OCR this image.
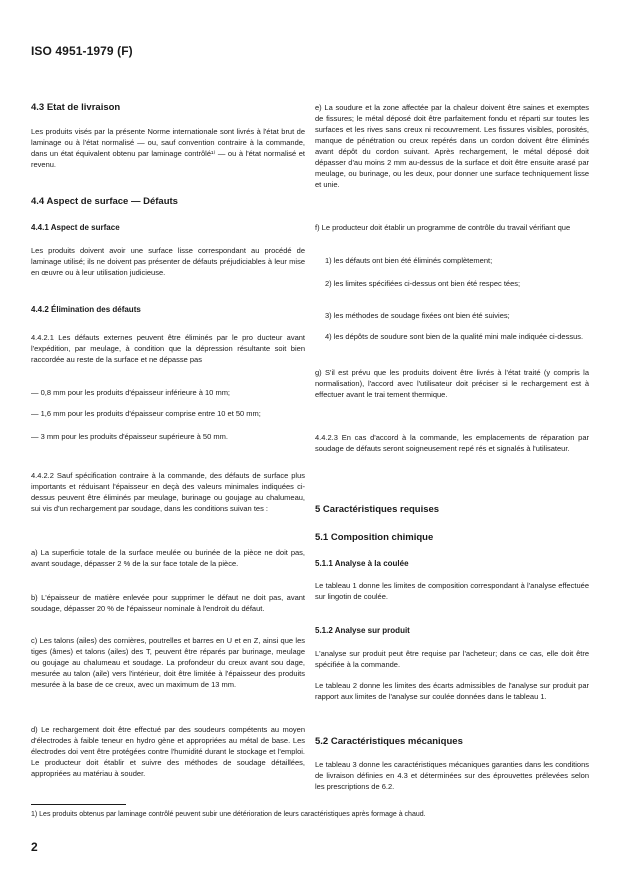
ISO 4951-1979 (F)

4.3 Etat de livraison

Les produits visés par la présente Norme internationale sont livrés à l'état brut de laminage ou à l'état normalisé — ou, sauf convention contraire à la commande, dans un état équivalent obtenu par laminage contrôlé¹⁾ — ou à l'état normalisé et revenu.

4.4 Aspect de surface — Défauts

4.4.1 Aspect de surface

Les produits doivent avoir une surface lisse correspondant au procédé de laminage utilisé; ils ne doivent pas présenter de défauts préjudiciables à leur mise en œuvre ou à leur utilisation judicieuse.

4.4.2 Élimination des défauts

4.4.2.1 Les défauts externes peuvent être éliminés par le pro ducteur avant l'expédition, par meulage, à condition que la dépression résultante soit bien raccordée au reste de la surface et ne dépasse pas

— 0,8 mm pour les produits d'épaisseur inférieure à 10 mm;

— 1,6 mm pour les produits d'épaisseur comprise entre 10 et 50 mm;

— 3 mm pour les produits d'épaisseur supérieure à 50 mm.

4.4.2.2 Sauf spécification contraire à la commande, des défauts de surface plus importants et réduisant l'épaisseur en deçà des valeurs minimales indiquées ci-dessus peuvent être éliminés par meulage, burinage ou goujage au chalumeau, sui vis d'un rechargement par soudage, dans les conditions suivan tes :

a) La superficie totale de la surface meulée ou burinée de la pièce ne doit pas, avant soudage, dépasser 2 % de la sur face totale de la pièce.

b) L'épaisseur de matière enlevée pour supprimer le défaut ne doit pas, avant soudage, dépasser 20 % de l'épaisseur nominale à l'endroit du défaut.

c) Les talons (ailes) des cornières, poutrelles et barres en U et en Z, ainsi que les tiges (âmes) et talons (ailes) des T, peuvent être réparés par burinage, meulage ou goujage au chalumeau et soudage. La profondeur du creux avant sou dage, mesurée au talon (aile) vers l'intérieur, doit être limitée à l'épaisseur des produits mesurée à la base de ce creux, avec un maximum de 13 mm.

d) Le rechargement doit être effectué par des soudeurs compétents au moyen d'électrodes à faible teneur en hydro gène et appropriées au métal de base. Les électrodes doi vent être protégées contre l'humidité durant le stockage et l'emploi. Le producteur doit établir et suivre des méthodes de soudage détaillées, appropriées au matériau à souder.

e) La soudure et la zone affectée par la chaleur doivent être saines et exemptes de fissures; le métal déposé doit être parfaitement fondu et réparti sur toutes les surfaces et les rives sans creux ni recouvrement. Les fissures visibles, porosités, manque de pénétration ou creux repérés dans un cordon doivent être éliminés avant dépôt du cordon suivant. Après rechargement, le métal déposé doit dépasser d'au moins 2 mm au-dessus de la surface et doit être ensuite arasé par meulage, ou burinage, ou les deux, pour donner une surface techniquement lisse et unie.

f) Le producteur doit établir un programme de contrôle du travail vérifiant que

1) les défauts ont bien été éliminés complètement;

2) les limites spécifiées ci-dessus ont bien été respec tées;

3) les méthodes de soudage fixées ont bien été suivies;

4) les dépôts de soudure sont bien de la qualité mini male indiquée ci-dessus.

g) S'il est prévu que les produits doivent être livrés à l'état traité (y compris la normalisation), l'accord avec l'utilisateur doit préciser si le rechargement est à effectuer avant le trai tement thermique.

4.4.2.3 En cas d'accord à la commande, les emplacements de réparation par soudage de défauts seront soigneusement repé rés et signalés à l'utilisateur.

5 Caractéristiques requises

5.1 Composition chimique

5.1.1 Analyse à la coulée

Le tableau 1 donne les limites de composition correspondant à l'analyse effectuée sur lingotin de coulée.

5.1.2 Analyse sur produit

L'analyse sur produit peut être requise par l'acheteur; dans ce cas, elle doit être spécifiée à la commande.

Le tableau 2 donne les limites des écarts admissibles de l'analyse sur produit par rapport aux limites de l'analyse sur coulée données dans le tableau 1.

5.2 Caractéristiques mécaniques

Le tableau 3 donne les caractéristiques mécaniques garanties dans les conditions de livraison définies en 4.3 et déterminées sur des éprouvettes prélevées selon les prescriptions de 6.2.

1) Les produits obtenus par laminage contrôlé peuvent subir une détérioration de leurs caractéristiques après formage à chaud.
2
